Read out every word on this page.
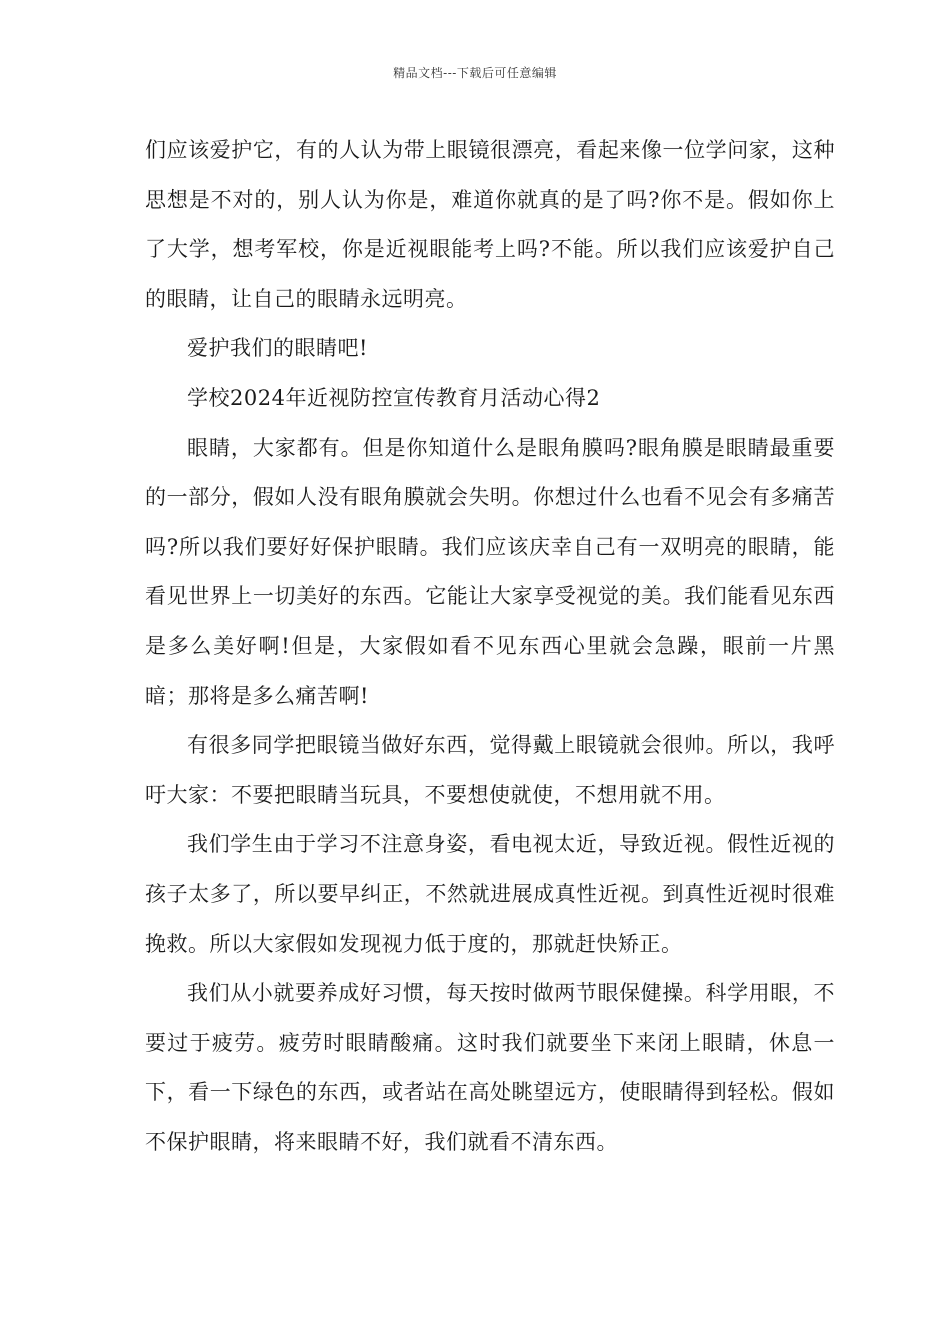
精品文档---下载后可任意编辑

们应该爱护它，有的人认为带上眼镜很漂亮，看起来像一位学问家，这种思想是不对的，别人认为你是，难道你就真的是了吗?你不是。假如你上了大学，想考军校，你是近视眼能考上吗?不能。所以我们应该爱护自己的眼睛，让自己的眼睛永远明亮。

爱护我们的眼睛吧!

学校2024年近视防控宣传教育月活动心得2

眼睛，大家都有。但是你知道什么是眼角膜吗?眼角膜是眼睛最重要的一部分，假如人没有眼角膜就会失明。你想过什么也看不见会有多痛苦吗?所以我们要好好保护眼睛。我们应该庆幸自己有一双明亮的眼睛，能看见世界上一切美好的东西。它能让大家享受视觉的美。我们能看见东西是多么美好啊!但是，大家假如看不见东西心里就会急躁，眼前一片黑暗；那将是多么痛苦啊!

有很多同学把眼镜当做好东西，觉得戴上眼镜就会很帅。所以，我呼吁大家：不要把眼睛当玩具，不要想使就使，不想用就不用。

我们学生由于学习不注意身姿，看电视太近，导致近视。假性近视的孩子太多了，所以要早纠正，不然就进展成真性近视。到真性近视时很难挽救。所以大家假如发现视力低于度的，那就赶快矫正。

我们从小就要养成好习惯，每天按时做两节眼保健操。科学用眼，不要过于疲劳。疲劳时眼睛酸痛。这时我们就要坐下来闭上眼睛，休息一下，看一下绿色的东西，或者站在高处眺望远方，使眼睛得到轻松。假如不保护眼睛，将来眼睛不好，我们就看不清东西。
